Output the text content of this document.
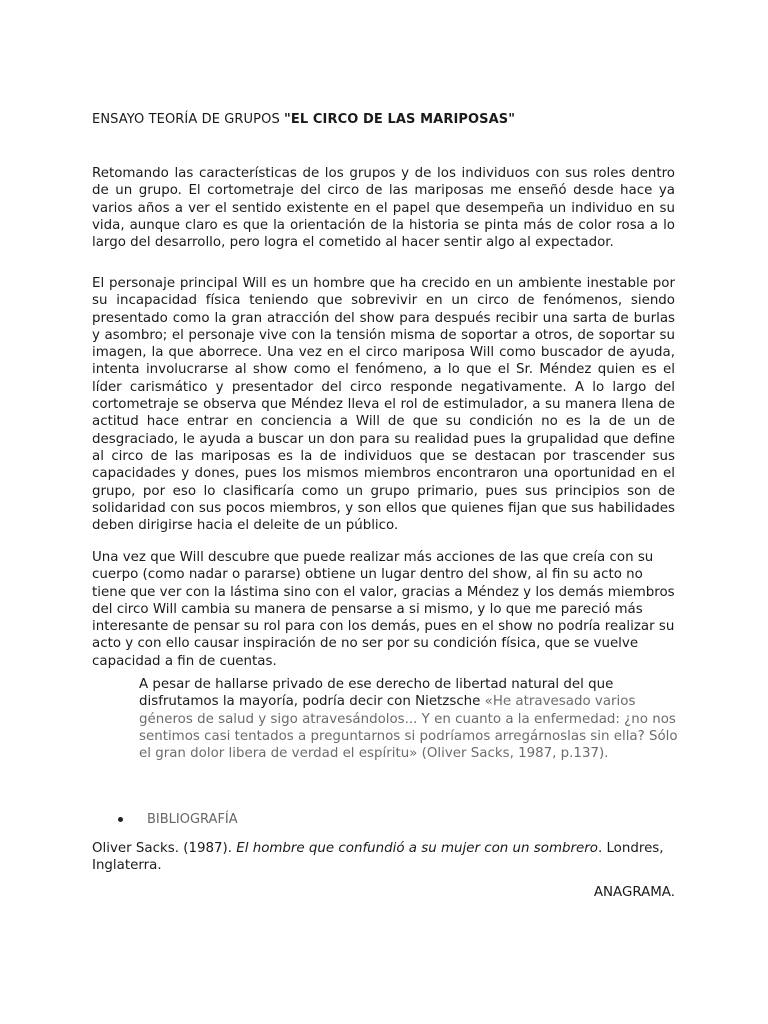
ENSAYO TEORÍA DE GRUPOS "EL CIRCO DE LAS MARIPOSAS"

Retomando las características de los grupos y de los individuos con sus roles dentro de un grupo. El cortometraje del circo de las mariposas me enseñó desde hace ya varios años a ver el sentido existente en el papel que desempeña un individuo en su vida, aunque claro es que la orientación de la historia se pinta más de color rosa a lo largo del desarrollo, pero logra el cometido al hacer sentir algo al expectador.

El personaje principal Will es un hombre que ha crecido en un ambiente inestable por su incapacidad física teniendo que sobrevivir en un circo de fenómenos, siendo presentado como la gran atracción del show para después recibir una sarta de burlas y asombro; el personaje vive con la tensión misma de soportar a otros, de soportar su imagen, la que aborrece. Una vez en el circo mariposa Will como buscador de ayuda, intenta involucrarse al show como el fenómeno, a lo que el Sr. Méndez quien es el líder carismático y presentador del circo responde negativamente. A lo largo del cortometraje se observa que Méndez lleva el rol de estimulador, a su manera llena de actitud hace entrar en conciencia a Will de que su condición no es la de un de desgraciado, le ayuda a buscar un don para su realidad pues la grupalidad que define al circo de las mariposas es la de individuos que se destacan por trascender sus capacidades y dones, pues los mismos miembros encontraron una oportunidad en el grupo, por eso lo clasificaría como un grupo primario, pues sus principios son de solidaridad con sus pocos miembros, y son ellos que quienes fijan que sus habilidades deben dirigirse hacia el deleite de un público.

Una vez que Will descubre que puede realizar más acciones de las que creía con su cuerpo (como nadar o pararse) obtiene un lugar dentro del show, al fin su acto no tiene que ver con la lástima sino con el valor, gracias a Méndez y los demás miembros del circo Will cambia su manera de pensarse a si mismo, y lo que me pareció más interesante de pensar su rol para con los demás, pues en el show no podría realizar su acto y con ello causar inspiración de no ser por su condición física, que se vuelve capacidad a fin de cuentas.

A pesar de hallarse privado de ese derecho de libertad natural del que disfrutamos la mayoría, podría decir con Nietzsche «He atravesado varios géneros de salud y sigo atravesándolos... Y en cuanto a la enfermedad: ¿no nos sentimos casi tentados a preguntarnos si podríamos arregárnoslas sin ella? Sólo el gran dolor libera de verdad el espíritu» (Oliver Sacks, 1987, p.137).

BIBLIOGRAFÍA

Oliver Sacks. (1987). El hombre que confundió a su mujer con un sombrero. Londres, Inglaterra.

ANAGRAMA.
